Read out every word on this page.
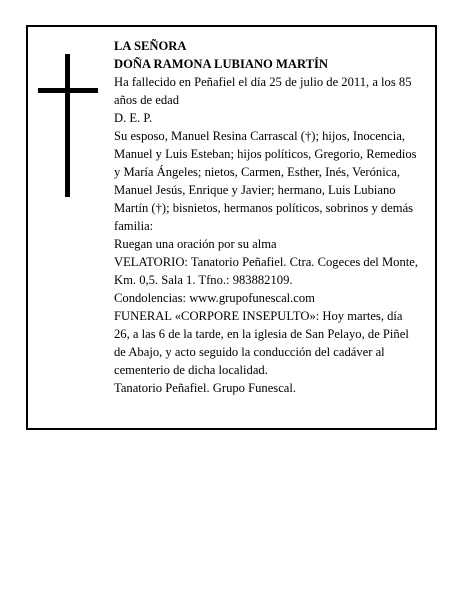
LA SEÑORA

DOÑA RAMONA LUBIANO MARTÍN

Ha fallecido en Peñafiel el día 25 de julio de 2011, a los 85 años de edad

D. E. P.

Su esposo, Manuel Resina Carrascal (†); hijos, Inocencia, Manuel y Luis Esteban; hijos políticos, Gregorio, Remedios y María Ángeles; nietos, Carmen, Esther, Inés, Verónica, Manuel Jesús, Enrique y Javier; hermano, Luis Lubiano Martín (†); bisnietos, hermanos políticos, sobrinos y demás familia:

Ruegan una oración por su alma

VELATORIO: Tanatorio Peñafiel. Ctra. Cogeces del Monte, Km. 0,5. Sala 1. Tfno.: 983882109.

Condolencias: www.grupofunescal.com

FUNERAL «CORPORE INSEPULTO»: Hoy martes, día 26, a las 6 de la tarde, en la iglesia de San Pelayo, de Piñel de Abajo, y acto seguido la conducción del cadáver al cementerio de dicha localidad.

Tanatorio Peñafiel. Grupo Funescal.
